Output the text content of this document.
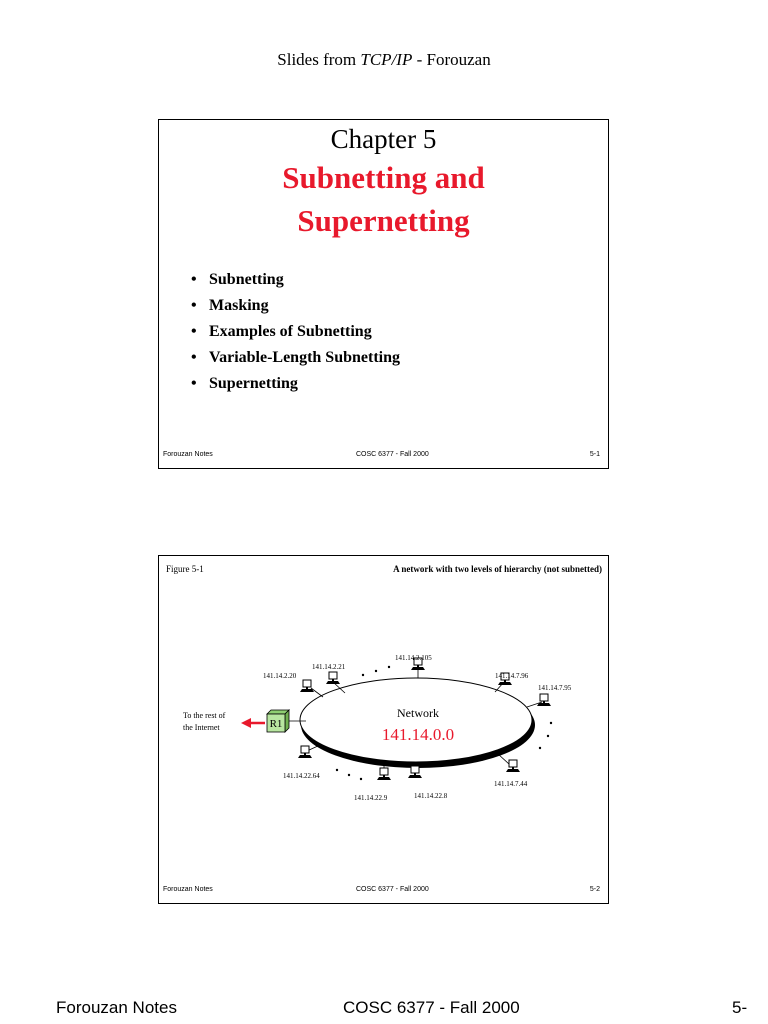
Slides from TCP/IP - Forouzan
Chapter 5
Subnetting and
Supernetting
• Subnetting
• Masking
• Examples of Subnetting
• Variable-Length Subnetting
• Supernetting
Forouzan Notes	COSC 6377 - Fall 2000	5-1
Figure 5-1	A network with two levels of hierarchy (not subnetted)
141.14.2.20
141.14.2.21
141.14.2.105
141.14.7.96
141.14.7.95
141.14.7.44
141.14.22.8
141.14.22.9
141.14.22.64
Network
141.14.0.0
R1
To the rest of
the Internet
Forouzan Notes	COSC 6377 - Fall 2000	5-2
Forouzan Notes	COSC 6377 - Fall 2000	5-
